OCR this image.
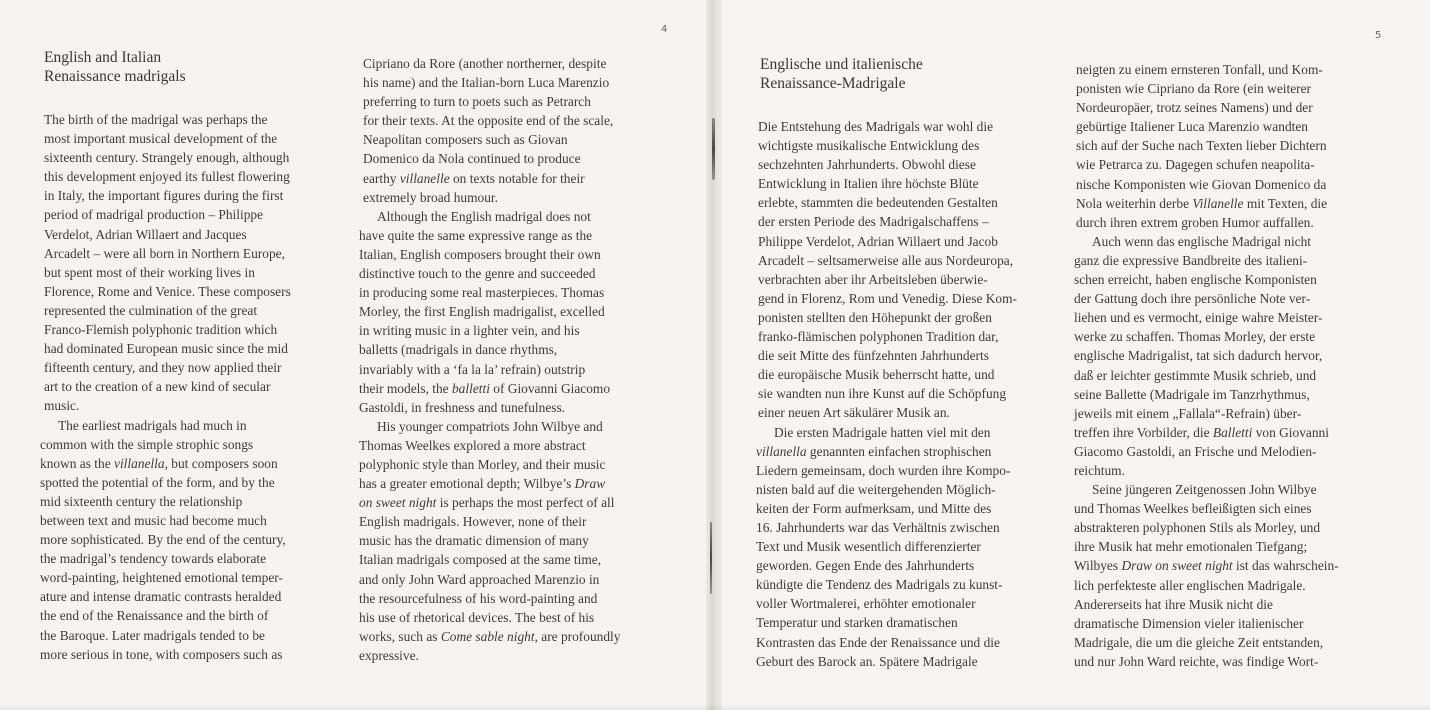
4
5
English and Italian
Renaissance madrigals

The birth of the madrigal was perhaps the
most important musical development of the
sixteenth century. Strangely enough, although
this development enjoyed its fullest flowering
in Italy, the important figures during the first
period of madrigal production – Philippe
Verdelot, Adrian Willaert and Jacques
Arcadelt – were all born in Northern Europe,
but spent most of their working lives in
Florence, Rome and Venice. These composers
represented the culmination of the great
Franco-Flemish polyphonic tradition which
had dominated European music since the mid
fifteenth century, and they now applied their
art to the creation of a new kind of secular
music.

The earliest madrigals had much in
common with the simple strophic songs
known as the villanella, but composers soon
spotted the potential of the form, and by the
mid sixteenth century the relationship
between text and music had become much
more sophisticated. By the end of the century,
the madrigal’s tendency towards elaborate
word-painting, heightened emotional temper-
ature and intense dramatic contrasts heralded
the end of the Renaissance and the birth of
the Baroque. Later madrigals tended to be
more serious in tone, with composers such as

Cipriano da Rore (another northerner, despite
his name) and the Italian-born Luca Marenzio
preferring to turn to poets such as Petrarch
for their texts. At the opposite end of the scale,
Neapolitan composers such as Giovan
Domenico da Nola continued to produce
earthy villanelle on texts notable for their
extremely broad humour.

Although the English madrigal does not
have quite the same expressive range as the
Italian, English composers brought their own
distinctive touch to the genre and succeeded
in producing some real masterpieces. Thomas
Morley, the first English madrigalist, excelled
in writing music in a lighter vein, and his
balletts (madrigals in dance rhythms,
invariably with a ‘fa la la’ refrain) outstrip
their models, the balletti of Giovanni Giacomo
Gastoldi, in freshness and tunefulness.

His younger compatriots John Wilbye and
Thomas Weelkes explored a more abstract
polyphonic style than Morley, and their music
has a greater emotional depth; Wilbye’s Draw
on sweet night is perhaps the most perfect of all
English madrigals. However, none of their
music has the dramatic dimension of many
Italian madrigals composed at the same time,
and only John Ward approached Marenzio in
the resourcefulness of his word-painting and
his use of rhetorical devices. The best of his
works, such as Come sable night, are profoundly
expressive.

Englische und italienische
Renaissance-Madrigale

Die Entstehung des Madrigals war wohl die
wichtigste musikalische Entwicklung des
sechzehnten Jahrhunderts. Obwohl diese
Entwicklung in Italien ihre höchste Blüte
erlebte, stammten die bedeutenden Gestalten
der ersten Periode des Madrigalschaffens –
Philippe Verdelot, Adrian Willaert und Jacob
Arcadelt – seltsamerweise alle aus Nordeuropa,
verbrachten aber ihr Arbeitsleben überwie-
gend in Florenz, Rom und Venedig. Diese Kom-
ponisten stellten den Höhepunkt der großen
franko-flämischen polyphonen Tradition dar,
die seit Mitte des fünfzehnten Jahrhunderts
die europäische Musik beherrscht hatte, und
sie wandten nun ihre Kunst auf die Schöpfung
einer neuen Art säkulärer Musik an.

Die ersten Madrigale hatten viel mit den
villanella genannten einfachen strophischen
Liedern gemeinsam, doch wurden ihre Kompo-
nisten bald auf die weitergehenden Möglich-
keiten der Form aufmerksam, und Mitte des
16. Jahrhunderts war das Verhältnis zwischen
Text und Musik wesentlich differenzierter
geworden. Gegen Ende des Jahrhunderts
kündigte die Tendenz des Madrigals zu kunst-
voller Wortmalerei, erhöhter emotionaler
Temperatur und starken dramatischen
Kontrasten das Ende der Renaissance und die
Geburt des Barock an. Spätere Madrigale

neigten zu einem ernsteren Tonfall, und Kom-
ponisten wie Cipriano da Rore (ein weiterer
Nordeuropäer, trotz seines Namens) und der
gebürtige Italiener Luca Marenzio wandten
sich auf der Suche nach Texten lieber Dichtern
wie Petrarca zu. Dagegen schufen neapolita-
nische Komponisten wie Giovan Domenico da
Nola weiterhin derbe Villanelle mit Texten, die
durch ihren extrem groben Humor auffallen.

Auch wenn das englische Madrigal nicht
ganz die expressive Bandbreite des italieni-
schen erreicht, haben englische Komponisten
der Gattung doch ihre persönliche Note ver-
liehen und es vermocht, einige wahre Meister-
werke zu schaffen. Thomas Morley, der erste
englische Madrigalist, tat sich dadurch hervor,
daß er leichter gestimmte Musik schrieb, und
seine Ballette (Madrigale im Tanzrhythmus,
jeweils mit einem „Fallala“-Refrain) über-
treffen ihre Vorbilder, die Balletti von Giovanni
Giacomo Gastoldi, an Frische und Melodien-
reichtum.

Seine jüngeren Zeitgenossen John Wilbye
und Thomas Weelkes befleißigten sich eines
abstrakteren polyphonen Stils als Morley, und
ihre Musik hat mehr emotionalen Tiefgang;
Wilbyes Draw on sweet night ist das wahrschein-
lich perfekteste aller englischen Madrigale.
Andererseits hat ihre Musik nicht die
dramatische Dimension vieler italienischer
Madrigale, die um die gleiche Zeit entstanden,
und nur John Ward reichte, was findige Wort-
